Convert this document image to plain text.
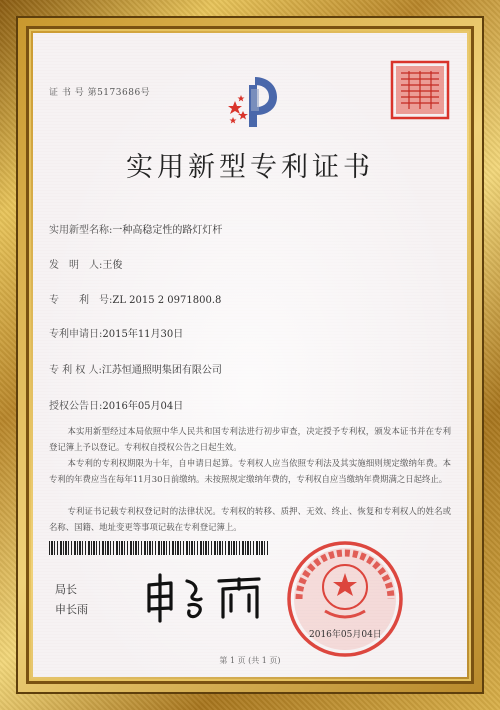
证 书 号 第5173686号
实用新型专利证书
实用新型名称:一种高稳定性的路灯灯杆
发　明　人:王俊
专　　利　号:ZL 2015 2 0971800.8
专利申请日:2015年11月30日
专 利 权 人:江苏恒通照明集团有限公司
授权公告日:2016年05月04日
本实用新型经过本局依照中华人民共和国专利法进行初步审查，决定授予专利权，颁发本证书并在专利登记簿上予以登记。专利权自授权公告之日起生效。
本专利的专利权期限为十年，自申请日起算。专利权人应当依照专利法及其实施细则规定缴纳年费。本专利的年费应当在每年11月30日前缴纳。未按照规定缴纳年费的，专利权自应当缴纳年费期满之日起终止。
专利证书记载专利权登记时的法律状况。专利权的转移、质押、无效、终止、恢复和专利权人的姓名或名称、国籍、地址变更等事项记载在专利登记簿上。
局长
申长雨
2016年05月04日
第 1 页 (共 1 页)
